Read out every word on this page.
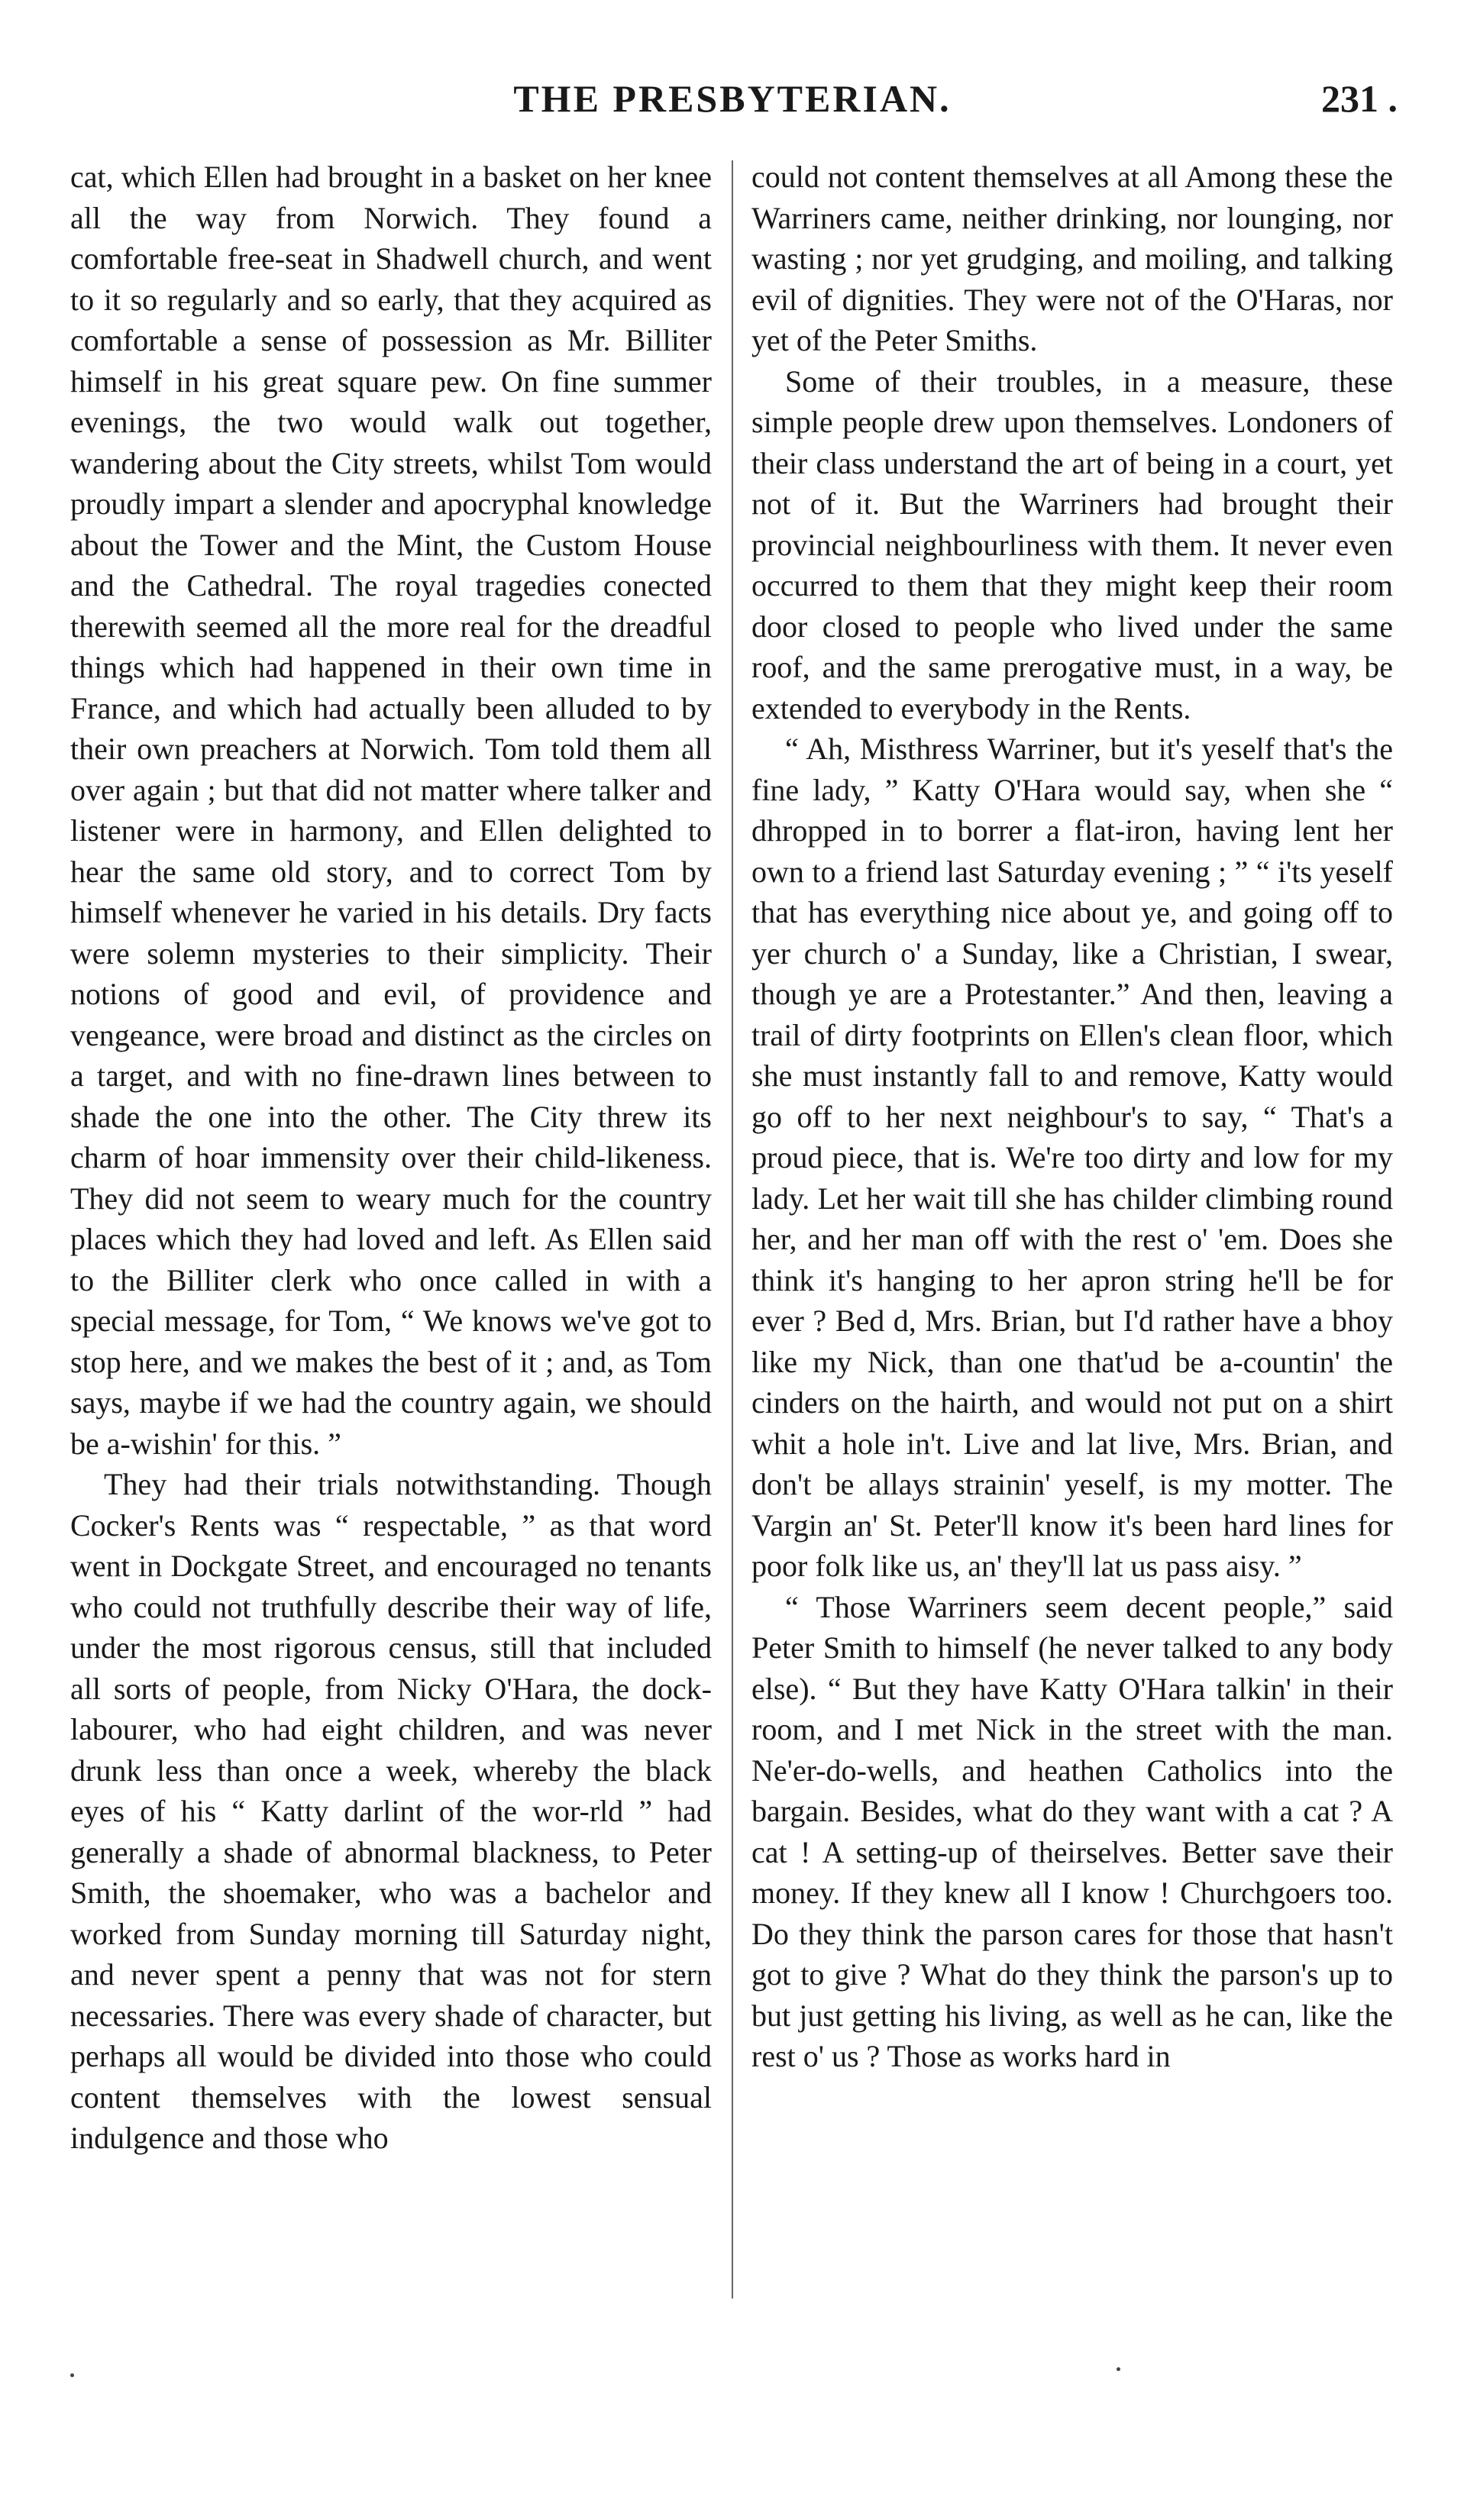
THE PRESBYTERIAN.	231 .

cat, which Ellen had brought in a basket on her knee all the way from Norwich. They found a comfortable free-seat in Shadwell church, and went to it so regularly and so early, that they acquired as comfortable a sense of possession as Mr. Billiter himself in his great square pew. On fine summer evenings, the two would walk out together, wandering about the City streets, whilst Tom would proudly impart a slender and apocryphal knowledge about the Tower and the Mint, the Custom House and the Cathedral. The royal tragedies conected therewith seemed all the more real for the dreadful things which had happened in their own time in France, and which had actually been alluded to by their own preachers at Norwich. Tom told them all over again ; but that did not matter where talker and listener were in harmony, and Ellen delighted to hear the same old story, and to correct Tom by himself whenever he varied in his details. Dry facts were solemn mysteries to their simplicity. Their notions of good and evil, of providence and vengeance, were broad and distinct as the circles on a target, and with no fine-drawn lines between to shade the one into the other. The City threw its charm of hoar immensity over their child-likeness. They did not seem to weary much for the country places which they had loved and left. As Ellen said to the Billiter clerk who once called in with a special message, for Tom, “ We knows we've got to stop here, and we makes the best of it ; and, as Tom says, maybe if we had the country again, we should be a-wishin' for this. ”

They had their trials notwithstanding. Though Cocker's Rents was “ respectable, ” as that word went in Dockgate Street, and encouraged no tenants who could not truthfully describe their way of life, under the most rigorous census, still that included all sorts of people, from Nicky O'Hara, the dock-labourer, who had eight children, and was never drunk less than once a week, whereby the black eyes of his “ Katty darlint of the wor-rld ” had generally a shade of abnormal blackness, to Peter Smith, the shoemaker, who was a bachelor and worked from Sunday morning till Saturday night, and never spent a penny that was not for stern necessaries. There was every shade of character, but perhaps all would be divided into those who could content themselves with the lowest sensual indulgence and those who

could not content themselves at all Among these the Warriners came, neither drinking, nor lounging, nor wasting ; nor yet grudging, and moiling, and talking evil of dignities. They were not of the O'Haras, nor yet of the Peter Smiths.

Some of their troubles, in a measure, these simple people drew upon themselves. Londoners of their class understand the art of being in a court, yet not of it. But the Warriners had brought their provincial neighbourliness with them. It never even occurred to them that they might keep their room door closed to people who lived under the same roof, and the same prerogative must, in a way, be extended to everybody in the Rents.

“ Ah, Misthress Warriner, but it's yeself that's the fine lady, ” Katty O'Hara would say, when she “ dhropped in to borrer a flat-iron, having lent her own to a friend last Saturday evening ; ” “ i'ts yeself that has everything nice about ye, and going off to yer church o' a Sunday, like a Christian, I swear, though ye are a Protestanter.” And then, leaving a trail of dirty footprints on Ellen's clean floor, which she must instantly fall to and remove, Katty would go off to her next neighbour's to say, “ That's a proud piece, that is. We're too dirty and low for my lady. Let her wait till she has childer climbing round her, and her man off with the rest o' 'em. Does she think it's hanging to her apron string he'll be for ever ? Bed d, Mrs. Brian, but I'd rather have a bhoy like my Nick, than one that'ud be a-countin' the cinders on the hairth, and would not put on a shirt whit a hole in't. Live and lat live, Mrs. Brian, and don't be allays strainin' yeself, is my motter. The Vargin an' St. Peter'll know it's been hard lines for poor folk like us, an' they'll lat us pass aisy. ”

“ Those Warriners seem decent people,” said Peter Smith to himself (he never talked to any body else). “ But they have Katty O'Hara talkin' in their room, and I met Nick in the street with the man. Ne'er-do-wells, and heathen Catholics into the bargain. Besides, what do they want with a cat ? A cat ! A setting-up of theirselves. Better save their money. If they knew all I know ! Churchgoers too. Do they think the parson cares for those that hasn't got to give ? What do they think the parson's up to but just getting his living, as well as he can, like the rest o' us ? Those as works hard in
